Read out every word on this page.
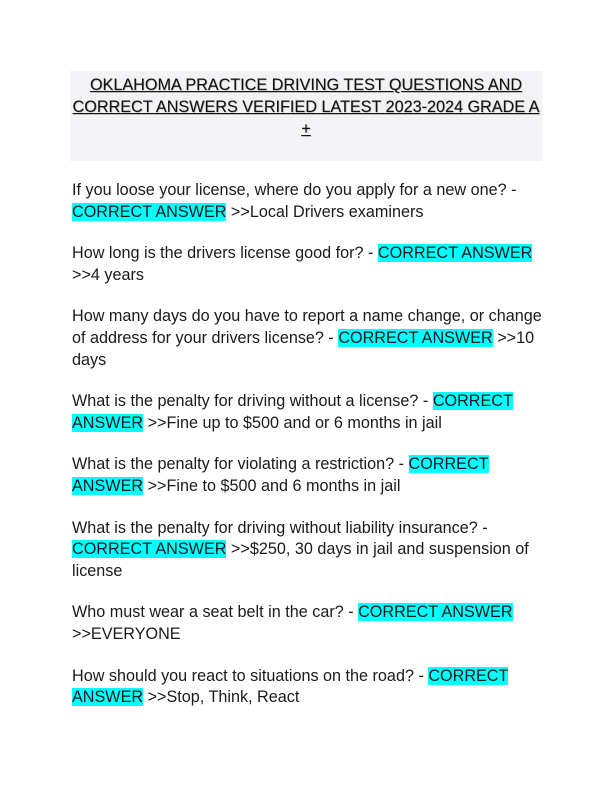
OKLAHOMA PRACTICE DRIVING TEST QUESTIONS AND
CORRECT ANSWERS VERIFIED LATEST 2023-2024 GRADE A
+

If you loose your license, where do you apply for a new one? - CORRECT ANSWER >>Local Drivers examiners

How long is the drivers license good for? - CORRECT ANSWER >>4 years

How many days do you have to report a name change, or change of address for your drivers license? - CORRECT ANSWER >>10 days

What is the penalty for driving without a license? - CORRECT ANSWER >>Fine up to $500 and or 6 months in jail

What is the penalty for violating a restriction? - CORRECT ANSWER >>Fine to $500 and 6 months in jail

What is the penalty for driving without liability insurance? - CORRECT ANSWER >>$250, 30 days in jail and suspension of license

Who must wear a seat belt in the car? - CORRECT ANSWER >>EVERYONE

How should you react to situations on the road? - CORRECT ANSWER >>Stop, Think, React
